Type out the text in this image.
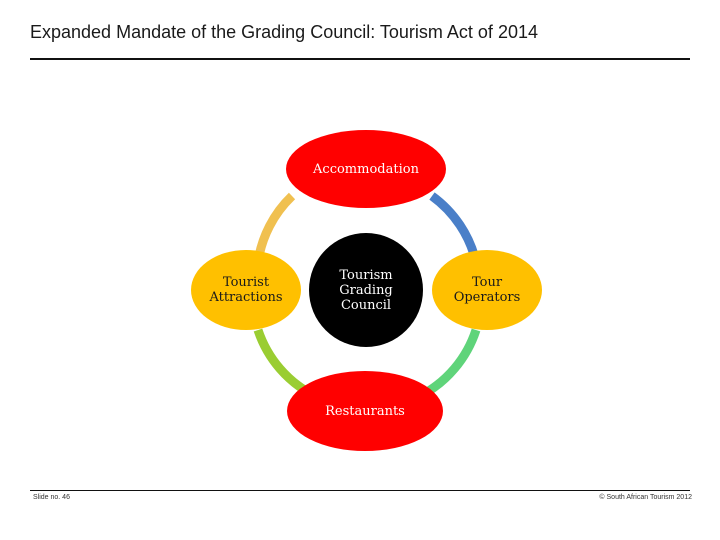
Expanded Mandate of the Grading Council: Tourism Act of 2014
Accommodation
Tourist
Attractions
Tour
Operators
Restaurants
Tourism
Grading
Council
Slide no. 46	© South African Tourism 2012
